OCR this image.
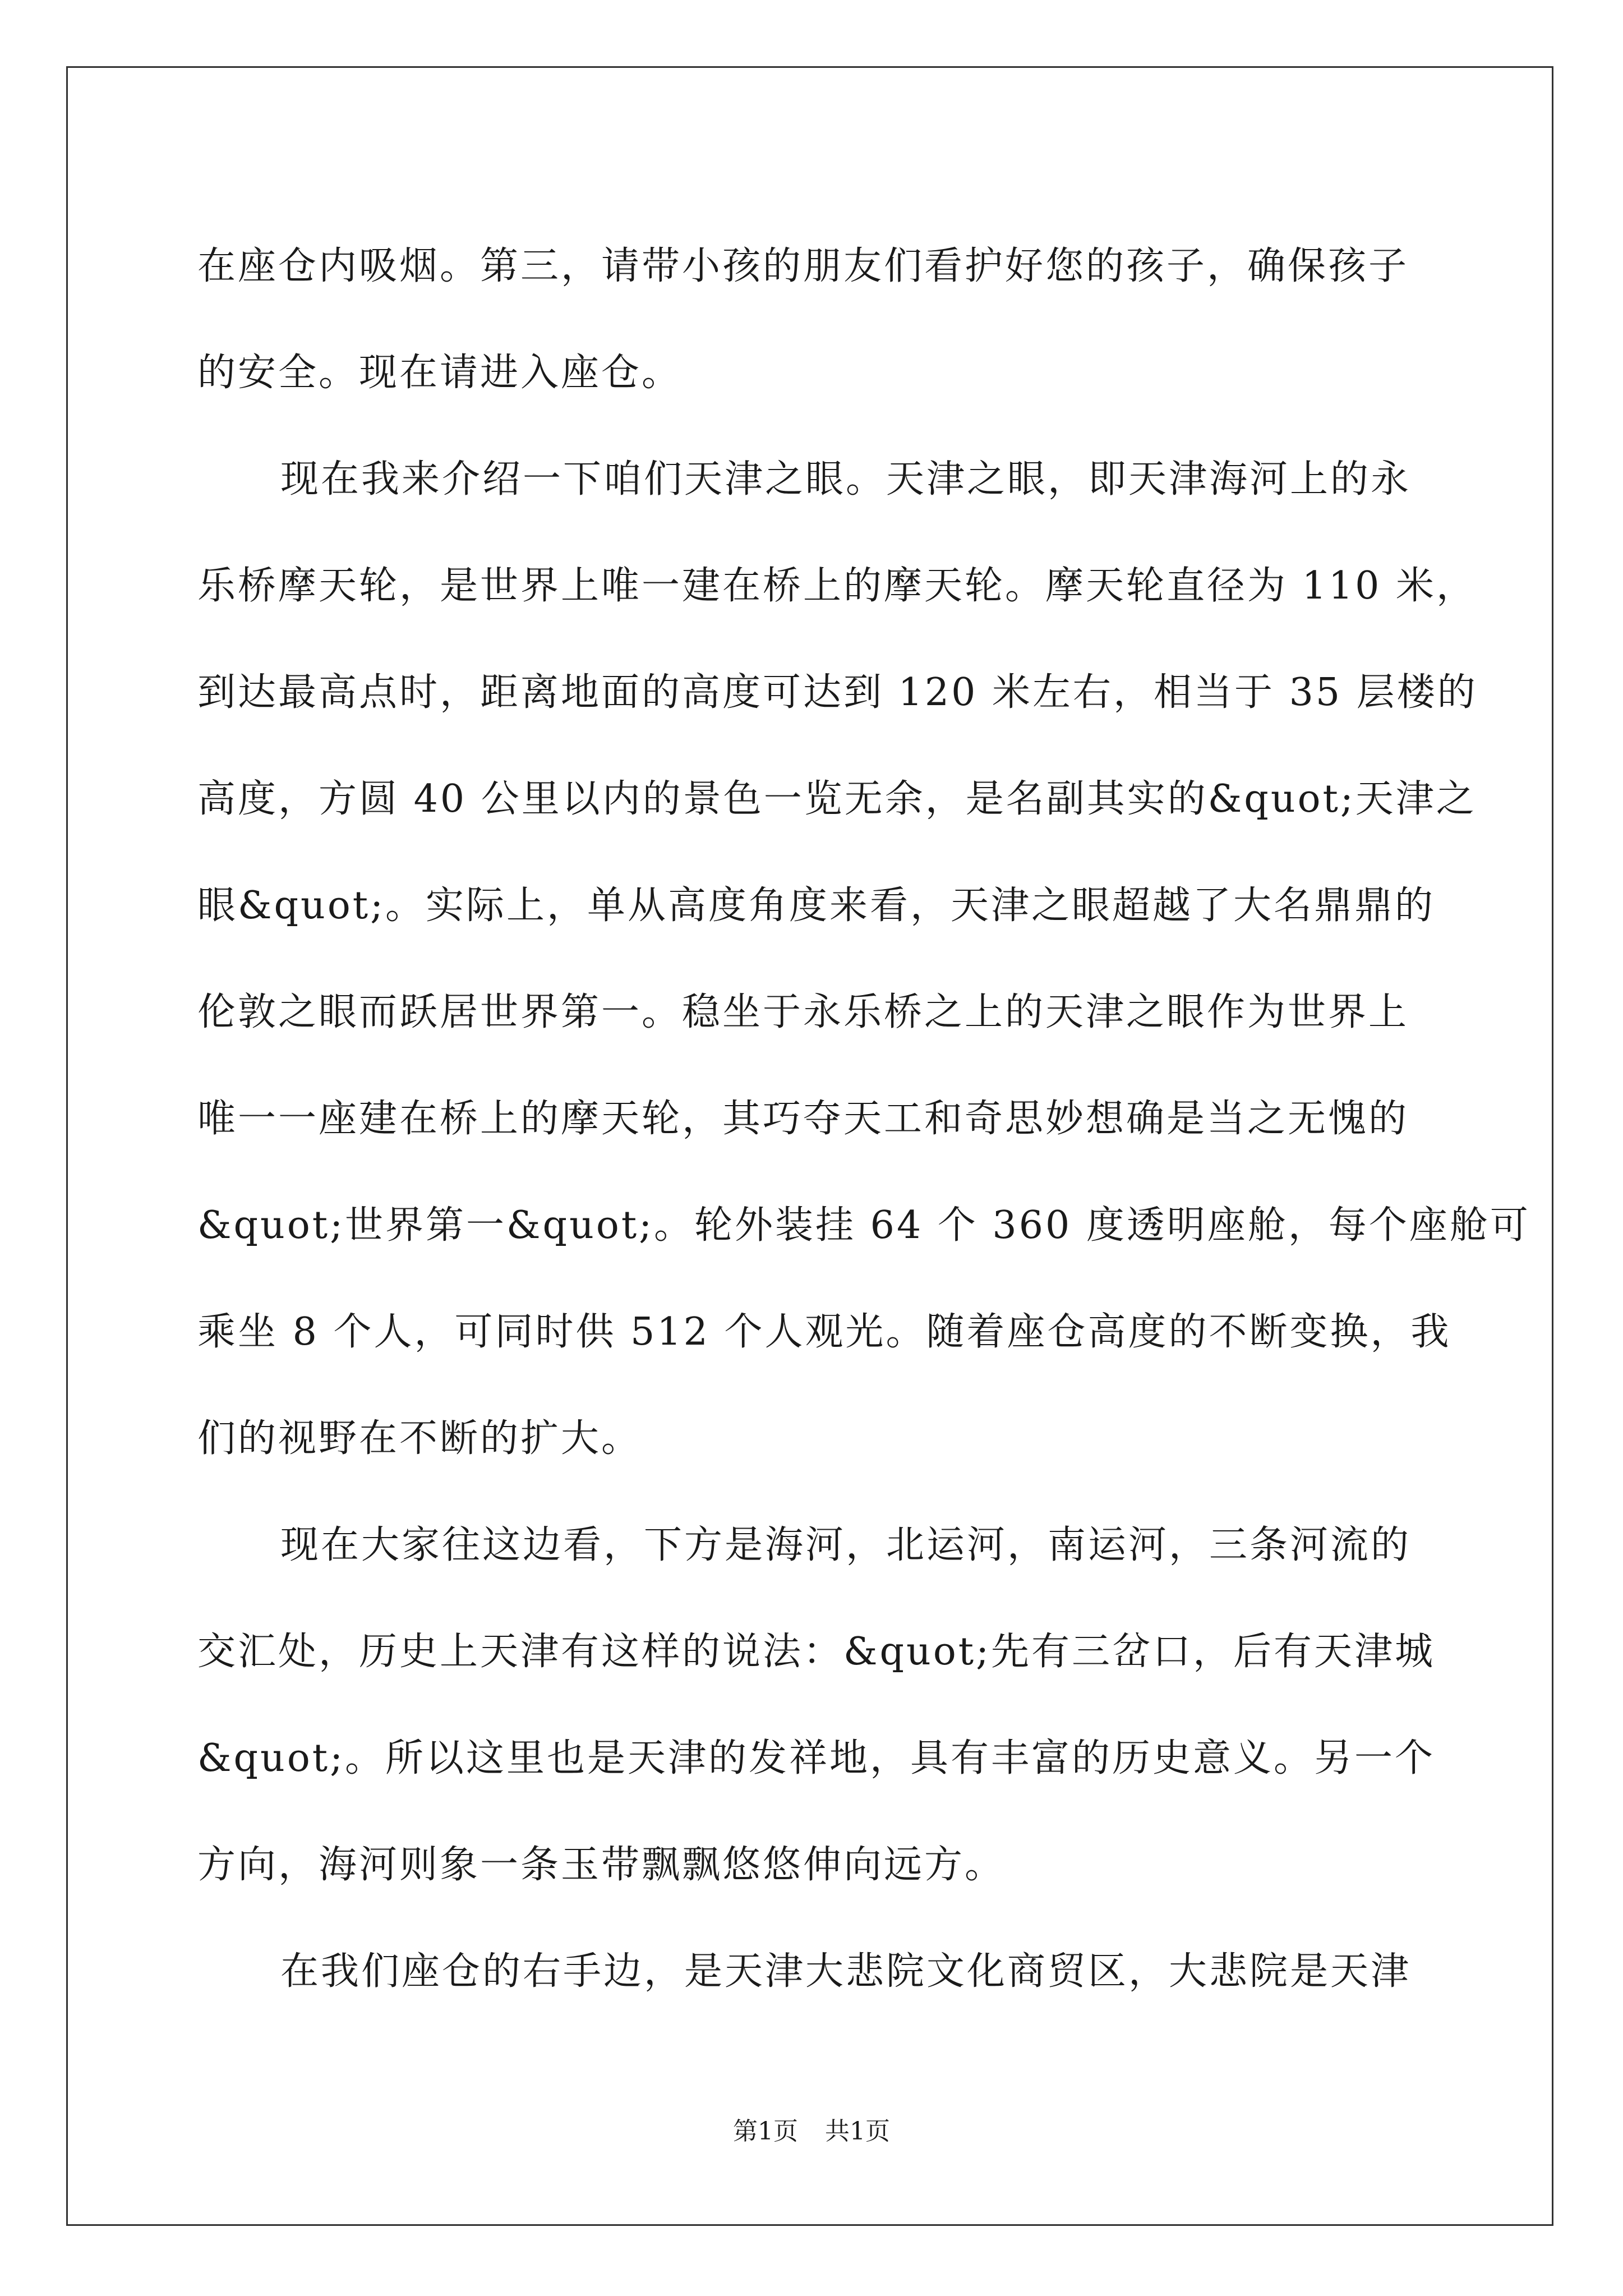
在座仓内吸烟。第三，请带小孩的朋友们看护好您的孩子，确保孩子
的安全。现在请进入座仓。
现在我来介绍一下咱们天津之眼。天津之眼，即天津海河上的永
乐桥摩天轮，是世界上唯一建在桥上的摩天轮。摩天轮直径为 110 米，
到达最高点时，距离地面的高度可达到 120 米左右，相当于 35 层楼的
高度，方圆 40 公里以内的景色一览无余，是名副其实的&quot;天津之
眼&quot;。实际上，单从高度角度来看，天津之眼超越了大名鼎鼎的
伦敦之眼而跃居世界第一。稳坐于永乐桥之上的天津之眼作为世界上
唯一一座建在桥上的摩天轮，其巧夺天工和奇思妙想确是当之无愧的
&quot;世界第一&quot;。轮外装挂 64 个 360 度透明座舱，每个座舱可
乘坐 8 个人，可同时供 512 个人观光。随着座仓高度的不断变换，我
们的视野在不断的扩大。
现在大家往这边看，下方是海河，北运河，南运河，三条河流的
交汇处，历史上天津有这样的说法：&quot;先有三岔口，后有天津城
&quot;。所以这里也是天津的发祥地，具有丰富的历史意义。另一个
方向，海河则象一条玉带飘飘悠悠伸向远方。
在我们座仓的右手边，是天津大悲院文化商贸区，大悲院是天津
第1页 共1页
